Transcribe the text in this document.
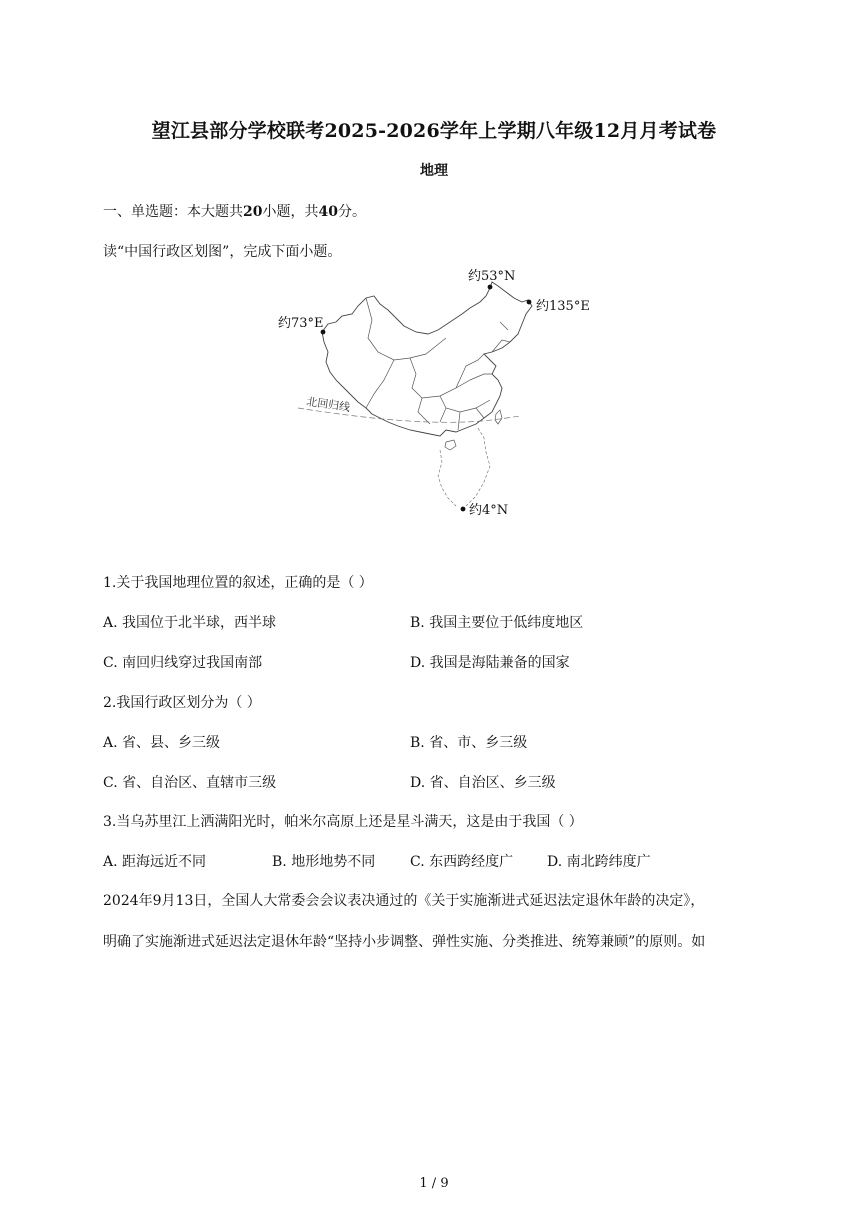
望江县部分学校联考2025-2026学年上学期八年级12月月考试卷
地理
一、单选题：本大题共20小题，共40分。
读“中国行政区划图”，完成下面小题。
约53°N
约135°E
约73°E
北回归线
约4°N
1.关于我国地理位置的叙述，正确的是（ ）
A. 我国位于北半球，西半球	B. 我国主要位于低纬度地区
C. 南回归线穿过我国南部	D. 我国是海陆兼备的国家
2.我国行政区划分为（ ）
A. 省、县、乡三级	B. 省、市、乡三级
C. 省、自治区、直辖市三级	D. 省、自治区、乡三级
3.当乌苏里江上洒满阳光时，帕米尔高原上还是星斗满天，这是由于我国（ ）
A. 距海远近不同	B. 地形地势不同 C. 东西跨经度广 D. 南北跨纬度广
2024年9月13日，全国人大常委会会议表决通过的《关于实施渐进式延迟法定退休年龄的决定》，
明确了实施渐进式延迟法定退休年龄“坚持小步调整、弹性实施、分类推进、统筹兼顾”的原则。如
1 / 9
